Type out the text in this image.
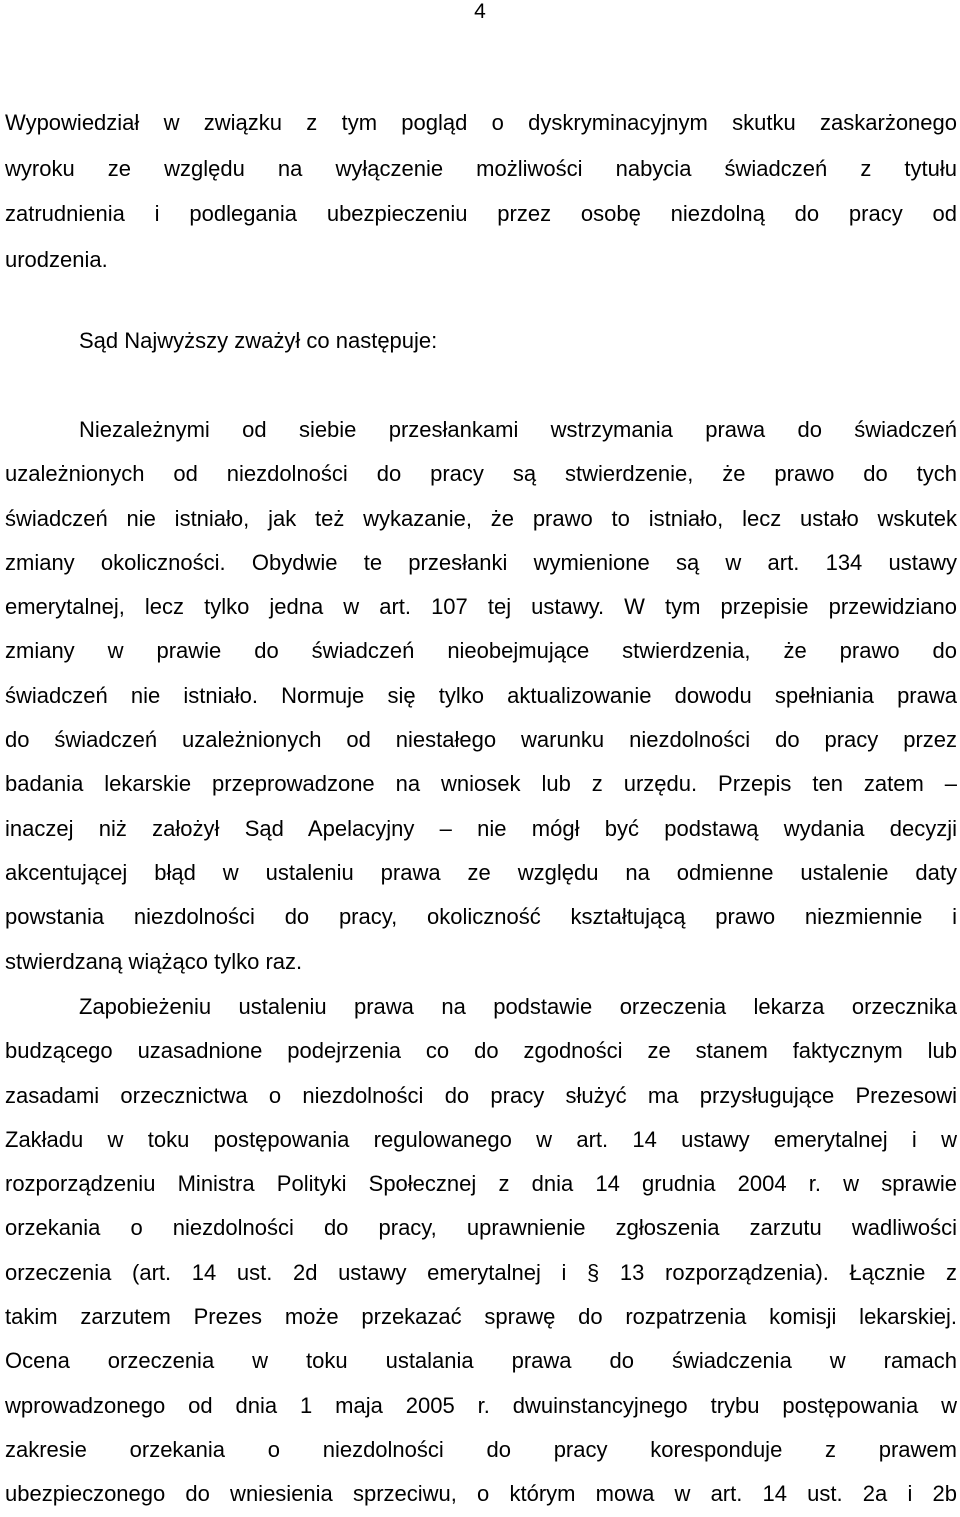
4
Wypowiedział w związku z tym pogląd o dyskryminacyjnym skutku zaskarżonego
wyroku ze względu na wyłączenie możliwości nabycia świadczeń z tytułu
zatrudnienia i podlegania ubezpieczeniu przez osobę niezdolną do pracy od
urodzenia.
Sąd Najwyższy zważył co następuje:
Niezależnymi od siebie przesłankami wstrzymania prawa do świadczeń
uzależnionych od niezdolności do pracy są stwierdzenie, że prawo do tych
świadczeń nie istniało, jak też wykazanie, że prawo to istniało, lecz ustało wskutek
zmiany okoliczności. Obydwie te przesłanki wymienione są w art. 134 ustawy
emerytalnej, lecz tylko jedna w art. 107 tej ustawy. W tym przepisie przewidziano
zmiany w prawie do świadczeń nieobejmujące stwierdzenia, że prawo do
świadczeń nie istniało. Normuje się tylko aktualizowanie dowodu spełniania prawa
do świadczeń uzależnionych od niestałego warunku niezdolności do pracy przez
badania lekarskie przeprowadzone na wniosek lub z urzędu. Przepis ten zatem –
inaczej niż założył Sąd Apelacyjny – nie mógł być podstawą wydania decyzji
akcentującej błąd w ustaleniu prawa ze względu na odmienne ustalenie daty
powstania niezdolności do pracy, okoliczność kształtującą prawo niezmiennie i
stwierdzaną wiążąco tylko raz.
Zapobieżeniu ustaleniu prawa na podstawie orzeczenia lekarza orzecznika
budzącego uzasadnione podejrzenia co do zgodności ze stanem faktycznym lub
zasadami orzecznictwa o niezdolności do pracy służyć ma przysługujące Prezesowi
Zakładu w toku postępowania regulowanego w art. 14 ustawy emerytalnej i w
rozporządzeniu Ministra Polityki Społecznej z dnia 14 grudnia 2004 r. w sprawie
orzekania o niezdolności do pracy, uprawnienie zgłoszenia zarzutu wadliwości
orzeczenia (art. 14 ust. 2d ustawy emerytalnej i § 13 rozporządzenia). Łącznie z
takim zarzutem Prezes może przekazać sprawę do rozpatrzenia komisji lekarskiej.
Ocena orzeczenia w toku ustalania prawa do świadczenia w ramach
wprowadzonego od dnia 1 maja 2005 r. dwuinstancyjnego trybu postępowania w
zakresie orzekania o niezdolności do pracy koresponduje z prawem
ubezpieczonego do wniesienia sprzeciwu, o którym mowa w art. 14 ust. 2a i 2b
